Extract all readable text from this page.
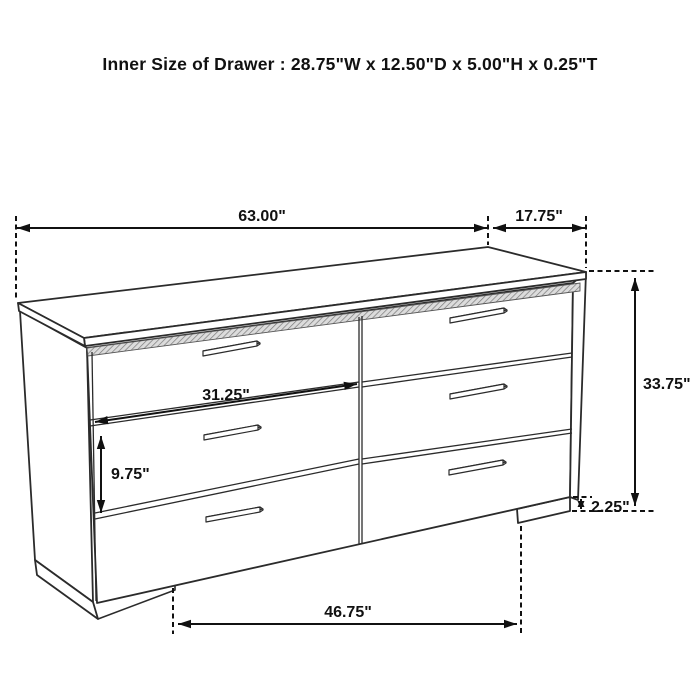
63.00"	17.75"
31.25"
9.75"
33.75"
2.25"
46.75"
Inner Size of Drawer : 28.75"W x 12.50"D x 5.00"H x 0.25"T
